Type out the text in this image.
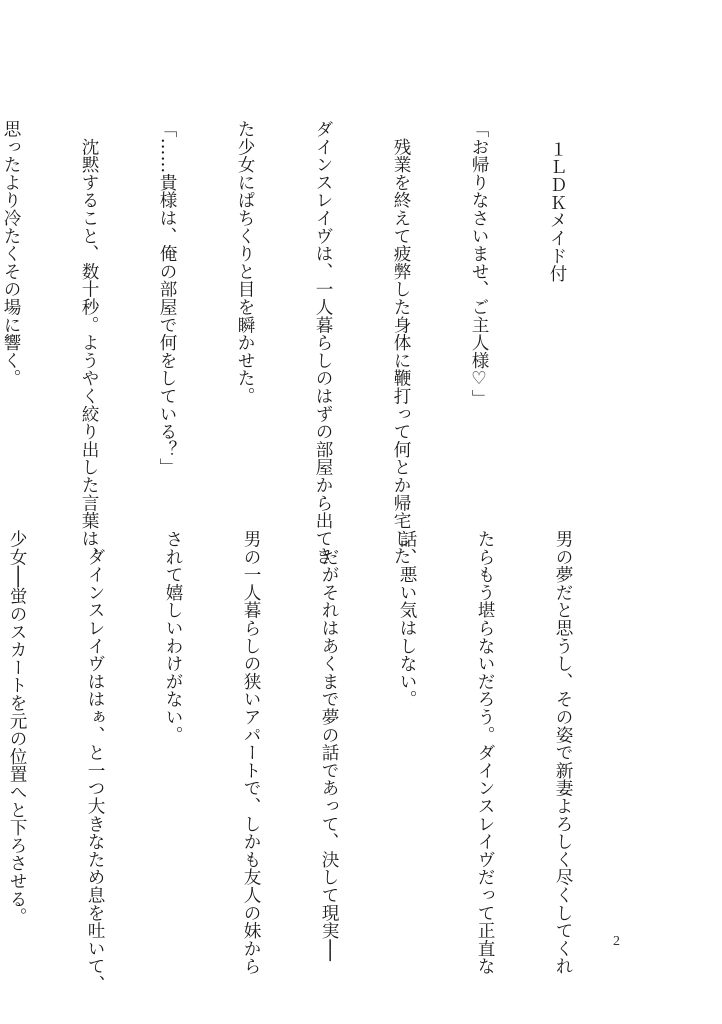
１ＬＤＫメイド付

「お帰りなさいませ、ご主人様♡」

　残業を終えて疲弊した身体に鞭打って何とか帰宅した

ダインスレイヴは、一人暮らしのはずの部屋から出てき

た少女にぱちくりと目を瞬かせた。

「……貴様は、俺の部屋で何をしている？」

　沈黙すること、数十秒。ようやく絞り出した言葉は、

思ったより冷たくその場に響く。

男の夢だと思うし、その姿で新妻よろしく尽くしてくれ

たらもう堪らないだろう。ダインスレイヴだって正直な

話、悪い気はしない。

　だがそれはあくまで夢の話であって、決して現実──

男の一人暮らしの狭いアパートで、しかも友人の妹から

されて嬉しいわけがない。

　ダインスレイヴははぁ、と一つ大きなため息を吐いて、

少女──蛍のスカートを元の位置へと下ろさせる。

2
